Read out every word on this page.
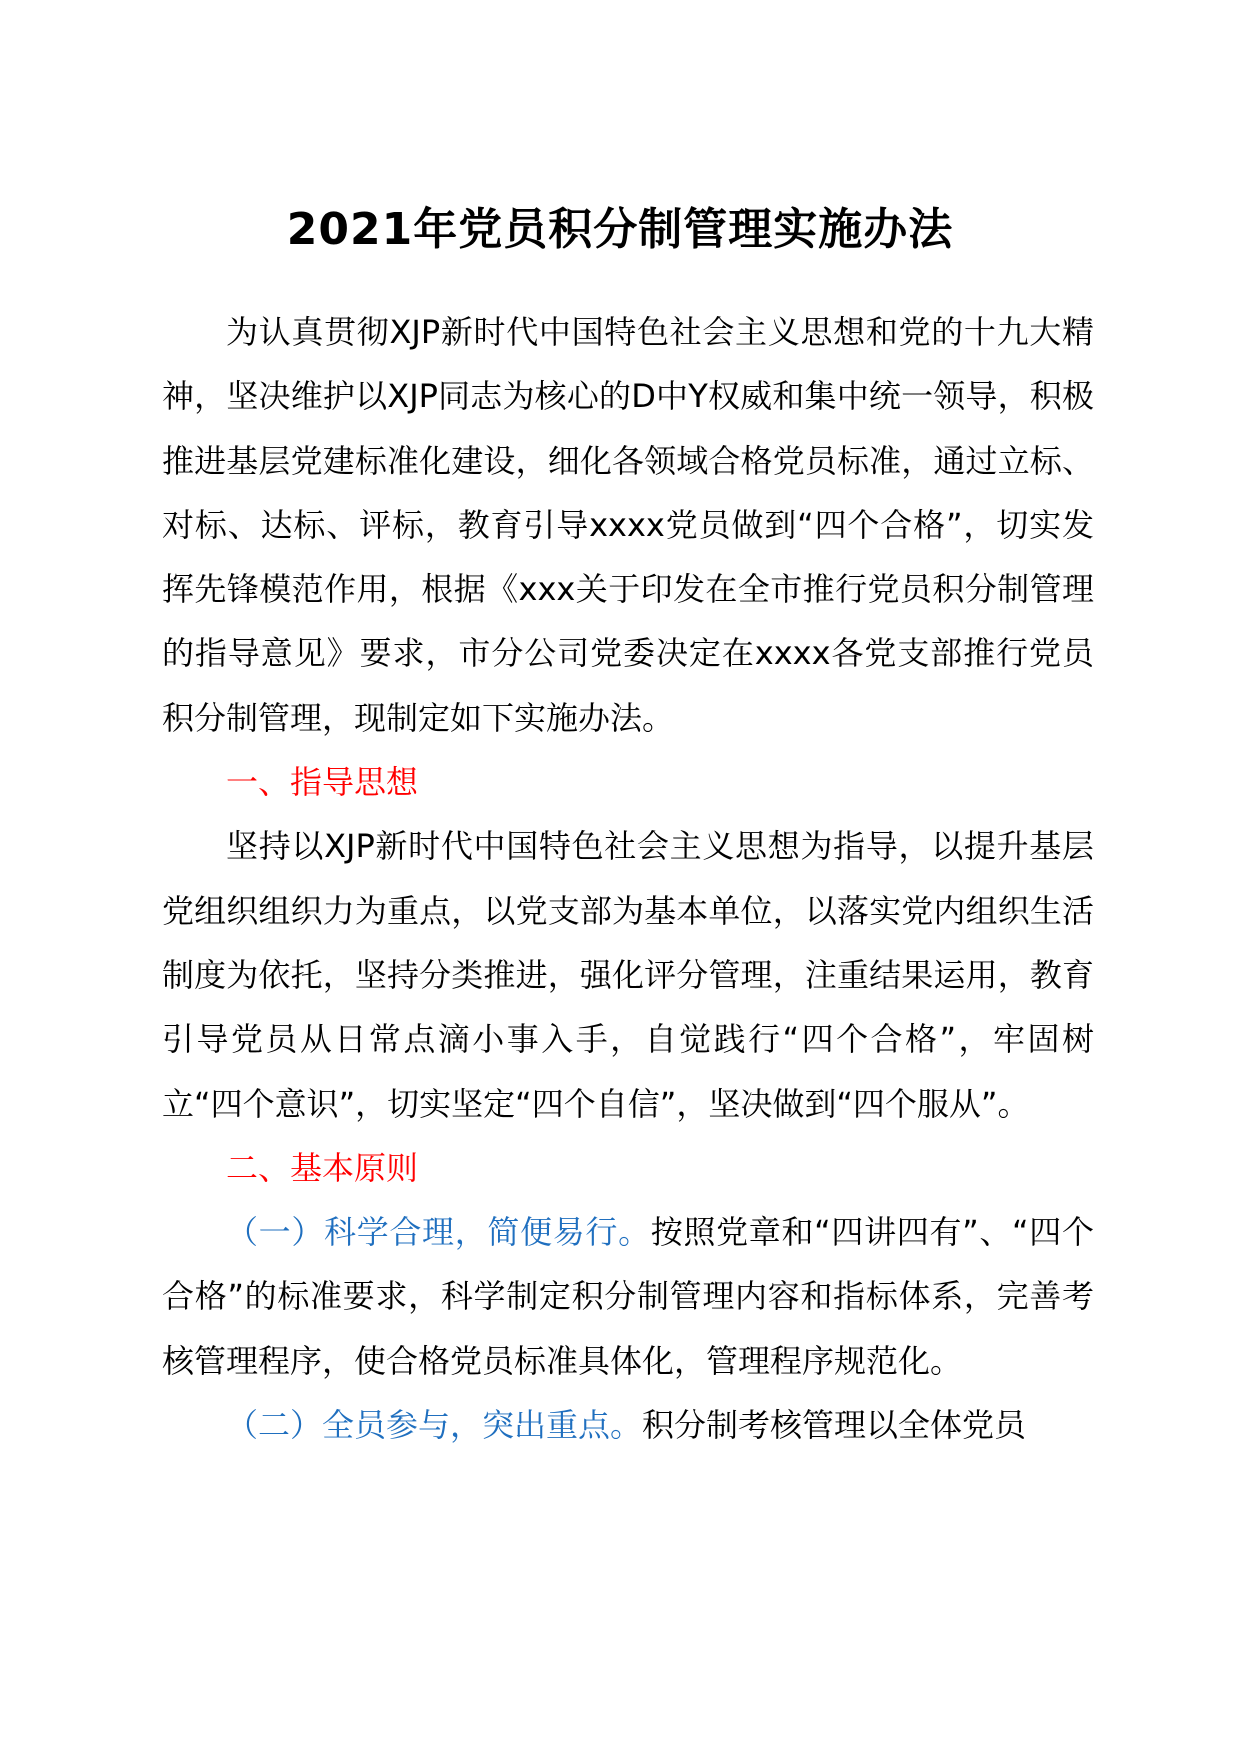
2021年党员积分制管理实施办法

为认真贯彻XJP新时代中国特色社会主义思想和党的十九大精神，坚决维护以XJP同志为核心的D中Y权威和集中统一领导，积极推进基层党建标准化建设，细化各领域合格党员标准，通过立标、对标、达标、评标，教育引导xxxx党员做到“四个合格”，切实发挥先锋模范作用，根据《xxx关于印发在全市推行党员积分制管理的指导意见》要求，市分公司党委决定在xxxx各党支部推行党员积分制管理，现制定如下实施办法。

一、指导思想

坚持以XJP新时代中国特色社会主义思想为指导，以提升基层党组织组织力为重点，以党支部为基本单位，以落实党内组织生活制度为依托，坚持分类推进，强化评分管理，注重结果运用，教育引导党员从日常点滴小事入手，自觉践行“四个合格”，牢固树立“四个意识”，切实坚定“四个自信”，坚决做到“四个服从”。

二、基本原则

（一）科学合理，简便易行。按照党章和“四讲四有”、“四个合格”的标准要求，科学制定积分制管理内容和指标体系，完善考核管理程序，使合格党员标准具体化，管理程序规范化。

（二）全员参与，突出重点。积分制考核管理以全体党员
